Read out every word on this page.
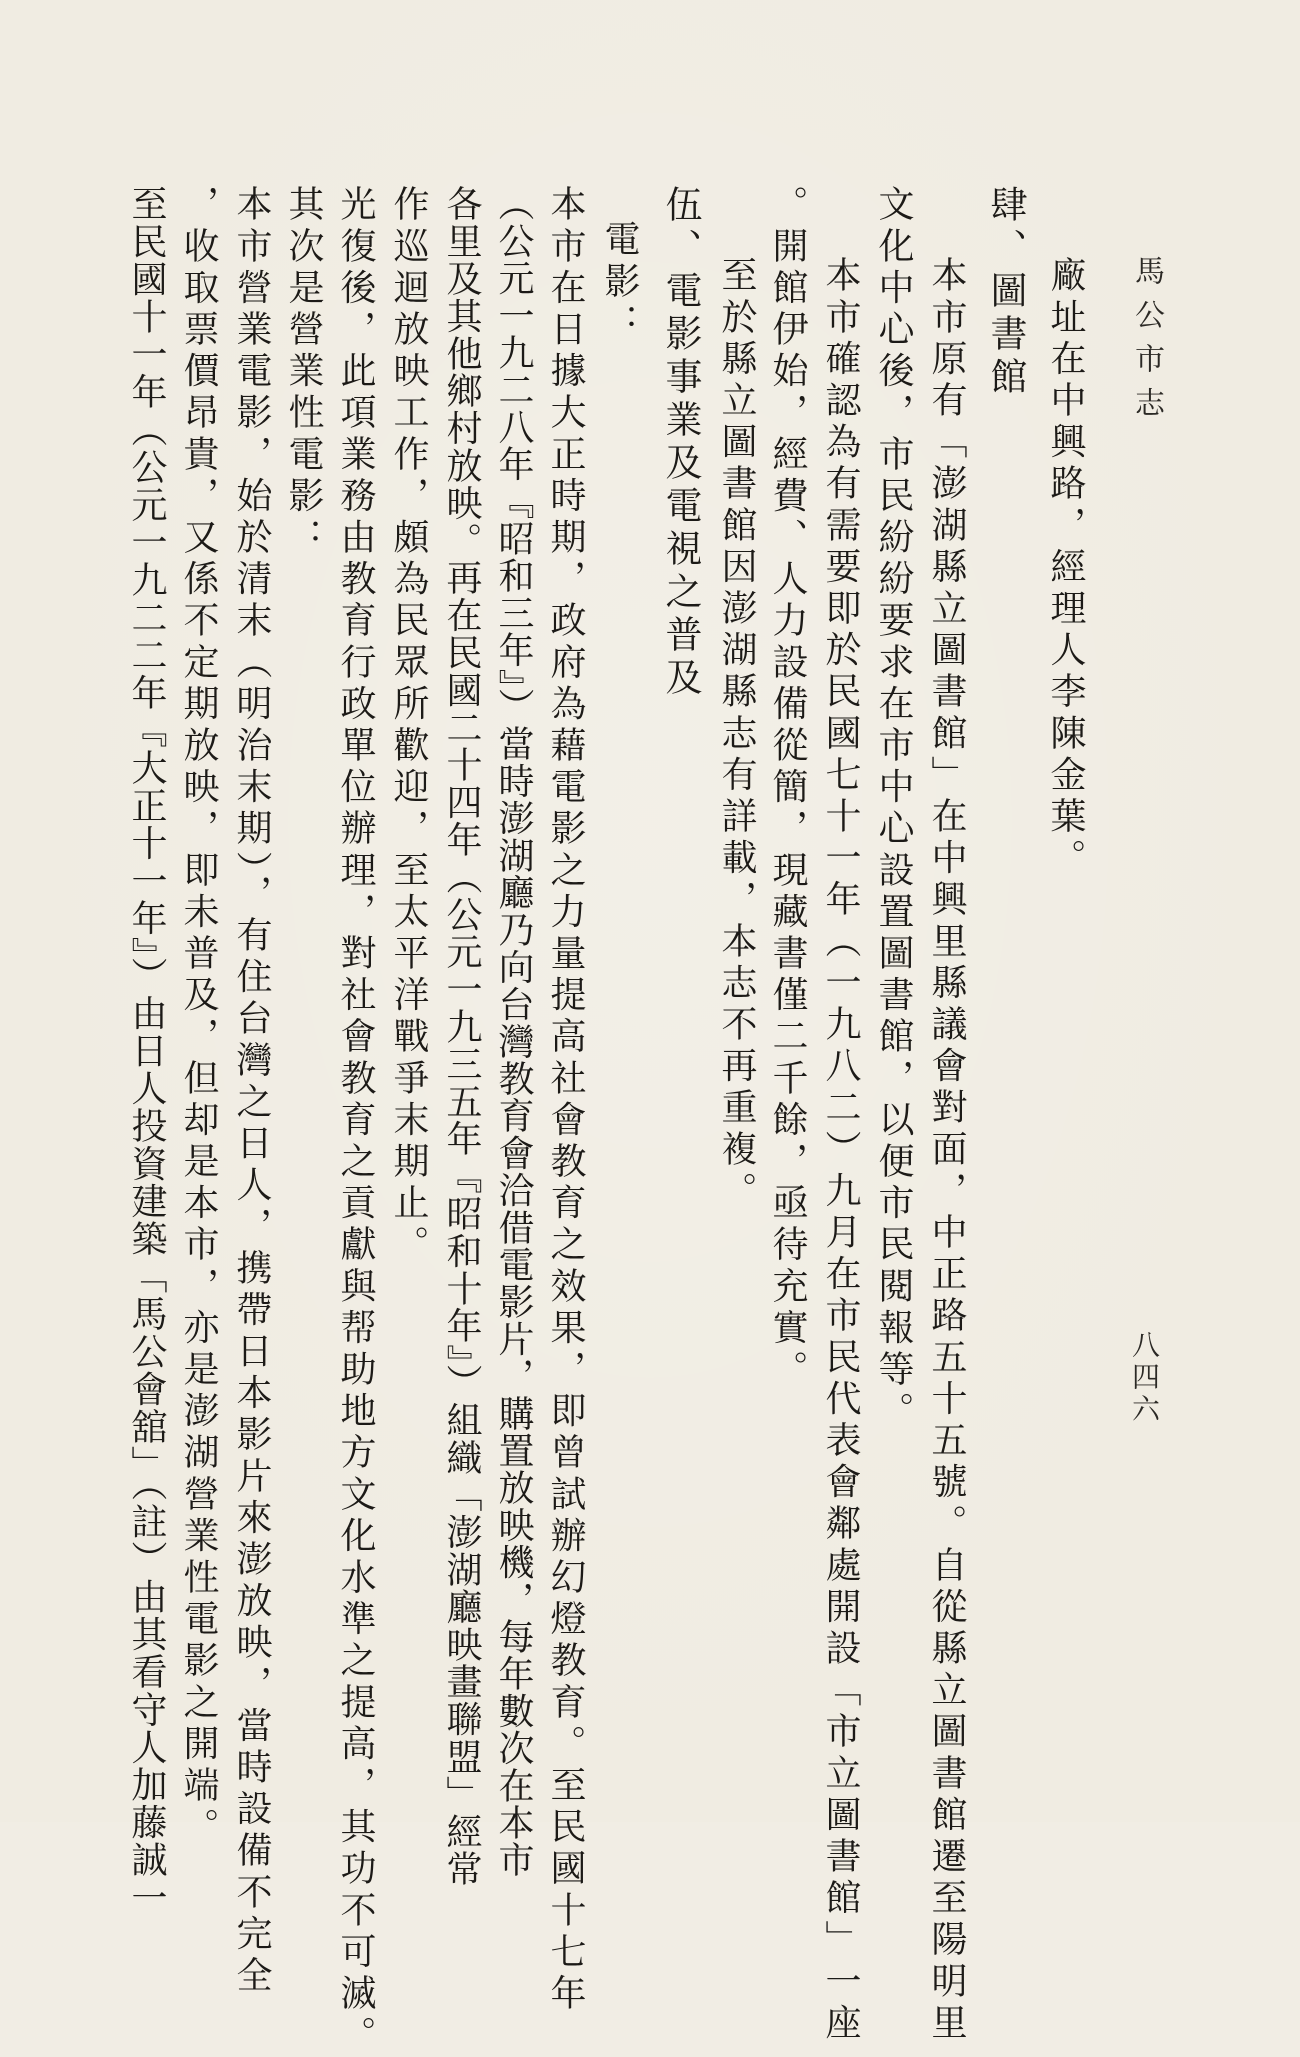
馬公市志
八四六
廠址在中興路，經理人李陳金葉。
肆、圖書館
本市原有「澎湖縣立圖書館」在中興里縣議會對面，中正路五十五號。自從縣立圖書館遷至陽明里
文化中心後，市民紛紛要求在市中心設置圖書館，以便市民閱報等。
本市確認為有需要即於民國七十一年（一九八二）九月在市民代表會鄰處開設「市立圖書館」一座
。開館伊始，經費、人力設備從簡，現藏書僅二千餘，亟待充實。
至於縣立圖書館因澎湖縣志有詳載，本志不再重複。
伍、電影事業及電視之普及
電影：
本市在日據大正時期，政府為藉電影之力量提高社會教育之效果，即曾試辦幻燈教育。至民國十七年
（公元一九二八年『昭和三年』）當時澎湖廳乃向台灣教育會洽借電影片，購置放映機，每年數次在本市
各里及其他鄉村放映。再在民國二十四年（公元一九三五年『昭和十年』）組織「澎湖廳映畫聯盟」經常
作巡迴放映工作，頗為民眾所歡迎，至太平洋戰爭末期止。
光復後，此項業務由教育行政單位辦理，對社會教育之貢獻與帮助地方文化水準之提高，其功不可滅。
其次是營業性電影：
本市營業電影，始於清末（明治末期），有住台灣之日人，携帶日本影片來澎放映，當時設備不完全
，收取票價昂貴，又係不定期放映，即未普及，但却是本市，亦是澎湖營業性電影之開端。
至民國十一年（公元一九二二年『大正十一年』）由日人投資建築「馬公會舘」（註）由其看守人加藤誠一
